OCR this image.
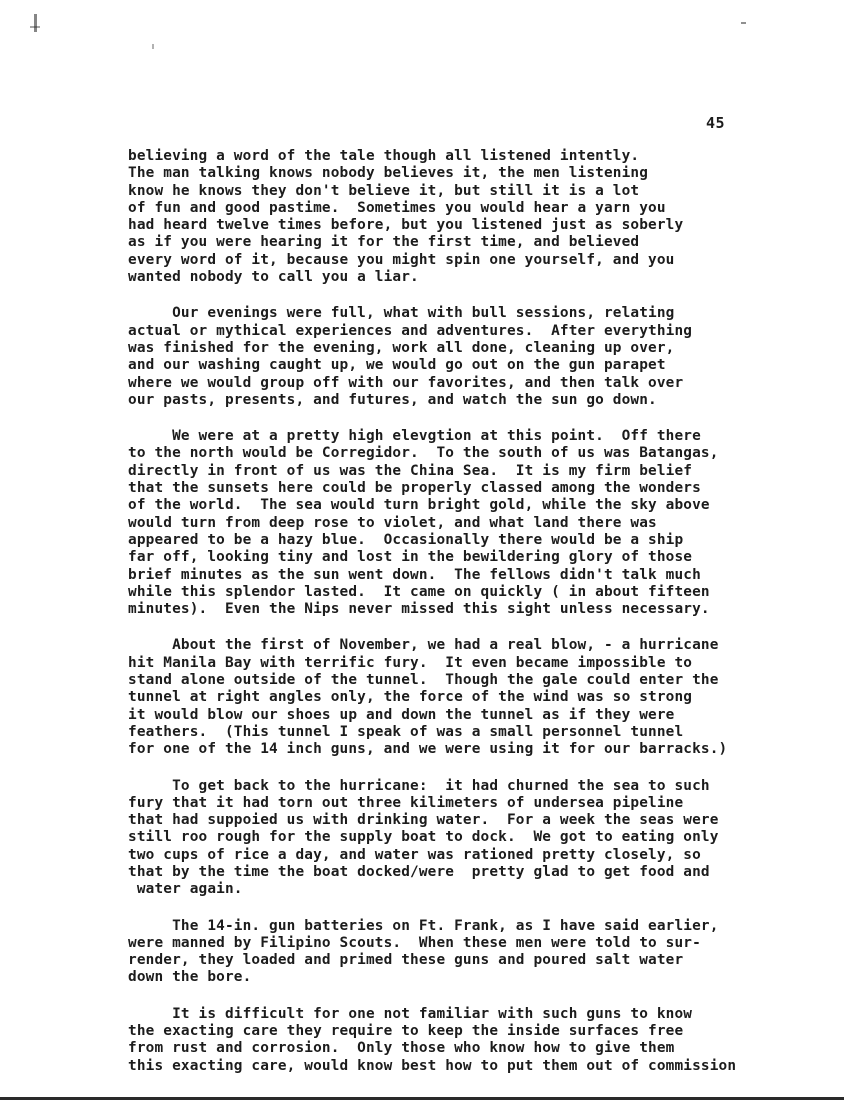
45
believing a word of the tale though all listened intently.
The man talking knows nobody believes it, the men listening
know he knows they don't believe it, but still it is a lot
of fun and good pastime.  Sometimes you would hear a yarn you
had heard twelve times before, but you listened just as soberly
as if you were hearing it for the first time, and believed
every word of it, because you might spin one yourself, and you
wanted nobody to call you a liar.
Our evenings were full, what with bull sessions, relating
actual or mythical experiences and adventures.  After everything
was finished for the evening, work all done, cleaning up over,
and our washing caught up, we would go out on the gun parapet
where we would group off with our favorites, and then talk over
our pasts, presents, and futures, and watch the sun go down.
We were at a pretty high elevgtion at this point.  Off there
to the north would be Corregidor.  To the south of us was Batangas,
directly in front of us was the China Sea.  It is my firm belief
that the sunsets here could be properly classed among the wonders
of the world.  The sea would turn bright gold, while the sky above
would turn from deep rose to violet, and what land there was
appeared to be a hazy blue.  Occasionally there would be a ship
far off, looking tiny and lost in the bewildering glory of those
brief minutes as the sun went down.  The fellows didn't talk much
while this splendor lasted.  It came on quickly ( in about fifteen
minutes).  Even the Nips never missed this sight unless necessary.
About the first of November, we had a real blow, - a hurricane
hit Manila Bay with terrific fury.  It even became impossible to
stand alone outside of the tunnel.  Though the gale could enter the
tunnel at right angles only, the force of the wind was so strong
it would blow our shoes up and down the tunnel as if they were
feathers.  (This tunnel I speak of was a small personnel tunnel
for one of the 14 inch guns, and we were using it for our barracks.)
To get back to the hurricane:  it had churned the sea to such
fury that it had torn out three kilimeters of undersea pipeline
that had suppoied us with drinking water.  For a week the seas were
still roo rough for the supply boat to dock.  We got to eating only
two cups of rice a day, and water was rationed pretty closely, so
that by the time the boat docked/were  pretty glad to get food and
water again.
The 14-in. gun batteries on Ft. Frank, as I have said earlier,
were manned by Filipino Scouts.  When these men were told to sur-
render, they loaded and primed these guns and poured salt water
down the bore.
It is difficult for one not familiar with such guns to know
the exacting care they require to keep the inside surfaces free
from rust and corrosion.  Only those who know how to give them
this exacting care, would know best how to put them out of commission
